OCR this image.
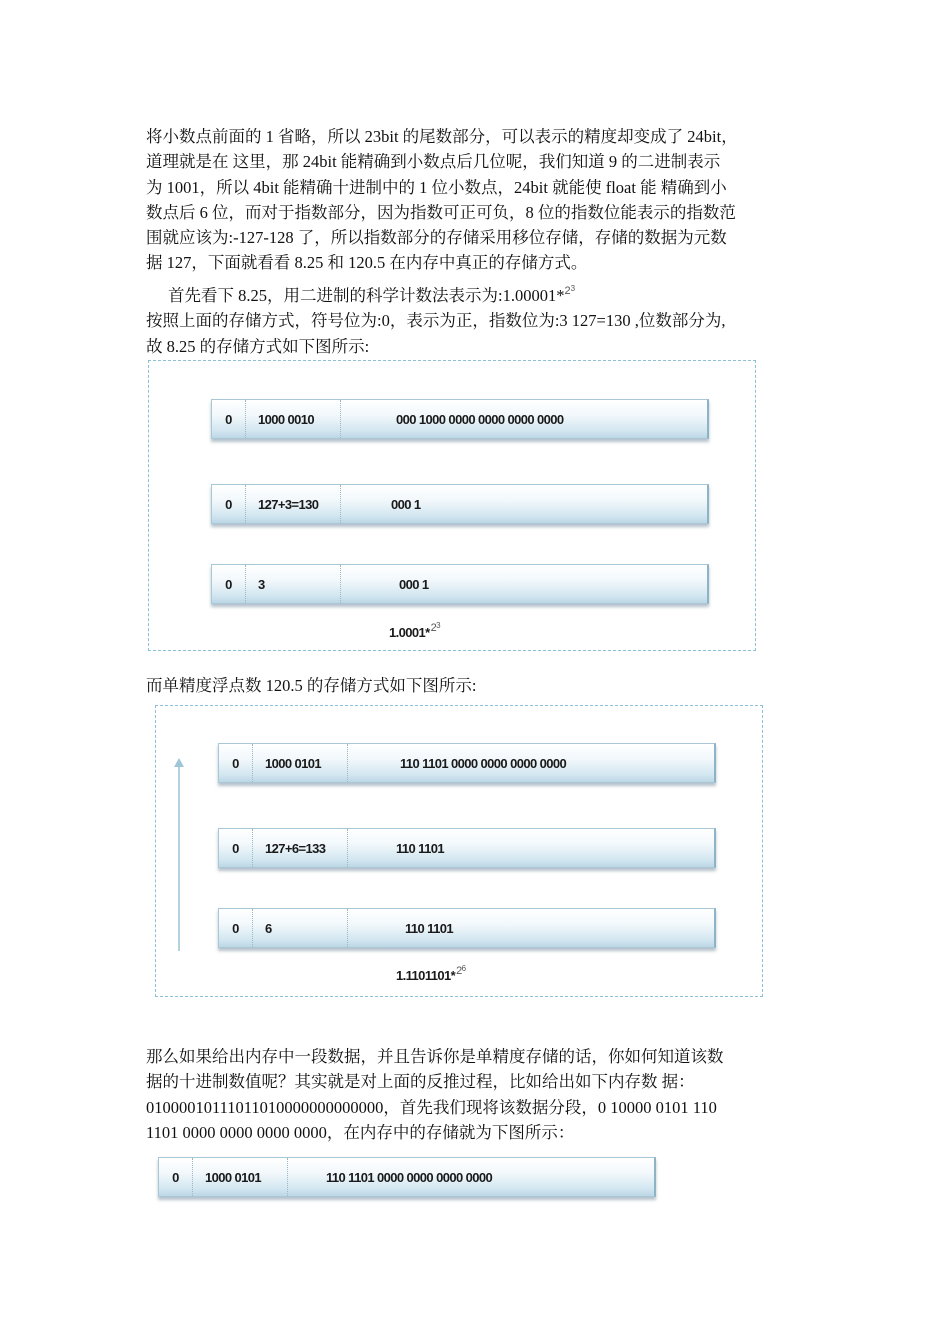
将小数点前面的 1 省略，所以 23bit 的尾数部分，可以表示的精度却变成了 24bit，
道理就是在 这里，那 24bit 能精确到小数点后几位呢，我们知道 9 的二进制表示
为 1001，所以 4bit 能精确十进制中的 1 位小数点，24bit 就能使 float 能 精确到小
数点后 6 位，而对于指数部分，因为指数可正可负，8 位的指数位能表示的指数范
围就应该为:-127-128 了，所以指数部分的存储采用移位存储，存储的数据为元数
据 127，下面就看看 8.25 和 120.5 在内存中真正的存储方式。
首先看下 8.25，用二进制的科学计数法表示为:1.00001*$^{2^3}$
按照上面的存储方式，符号位为:0，表示为正，指数位为:3 127=130 ,位数部分为,
故 8.25 的存储方式如下图所示:
0	1000 0010	000 1000 0000 0000 0000 0000
0	127+3=130	000 1
0	3	000 1
1.0001*$^{2^3}$
而单精度浮点数 120.5 的存储方式如下图所示:
0	1000 0101	110 1101 0000 0000 0000 0000
0	127+6=133	110 1101
0	6	110 1101
1.1101101*$^{2^6}$
那么如果给出内存中一段数据，并且告诉你是单精度存储的话，你如何知道该数
据的十进制数值呢？其实就是对上面的反推过程，比如给出如下内存数 据：
01000010111011010000000000000，首先我们现将该数据分段，0 10000 0101 110
1101 0000 0000 0000 0000，在内存中的存储就为下图所示：
0	1000 0101	110 1101 0000 0000 0000 0000
